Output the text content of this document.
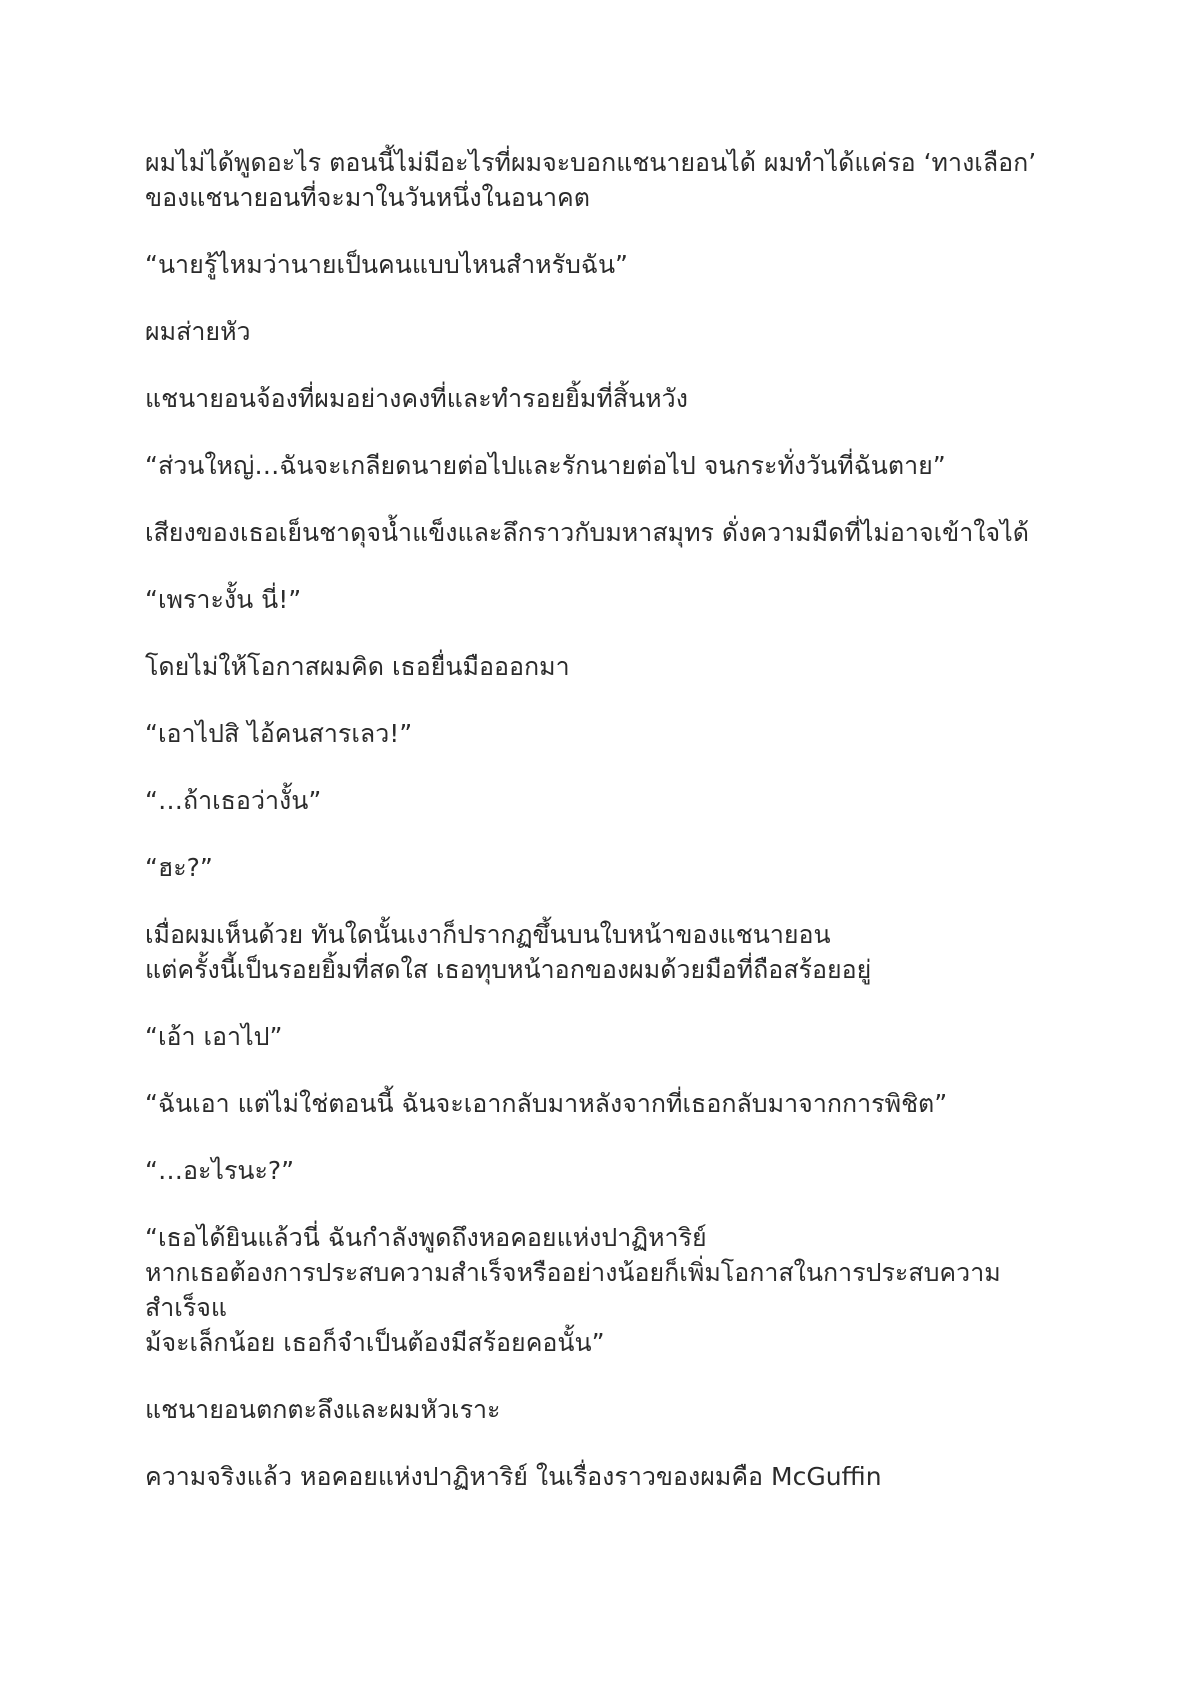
ผมไม่ได้พูดอะไร ตอนนี้ไม่มีอะไรที่ผมจะบอกแชนายอนได้ ผมทำได้แค่รอ ‘ทางเลือก’
ของแชนายอนที่จะมาในวันหนึ่งในอนาคต

“นายรู้ไหมว่านายเป็นคนแบบไหนสำหรับฉัน”

ผมส่ายหัว

แชนายอนจ้องที่ผมอย่างคงที่และทำรอยยิ้มที่สิ้นหวัง

“ส่วนใหญ่…ฉันจะเกลียดนายต่อไปและรักนายต่อไป จนกระทั่งวันที่ฉันตาย”

เสียงของเธอเย็นชาดุจน้ำแข็งและลึกราวกับมหาสมุทร ดั่งความมืดที่ไม่อาจเข้าใจได้

“เพราะงั้น นี่!”

โดยไม่ให้โอกาสผมคิด เธอยื่นมือออกมา

“เอาไปสิ ไอ้คนสารเลว!”

“…ถ้าเธอว่างั้น”

“ฮะ?”

เมื่อผมเห็นด้วย ทันใดนั้นเงาก็ปรากฏขึ้นบนใบหน้าของแชนายอน
แต่ครั้งนี้เป็นรอยยิ้มที่สดใส เธอทุบหน้าอกของผมด้วยมือที่ถือสร้อยอยู่

“เอ้า เอาไป”

“ฉันเอา แต่ไม่ใช่ตอนนี้ ฉันจะเอากลับมาหลังจากที่เธอกลับมาจากการพิชิต”

“…อะไรนะ?”

“เธอได้ยินแล้วนี่ ฉันกำลังพูดถึงหอคอยแห่งปาฏิหาริย์
หากเธอต้องการประสบความสำเร็จหรืออย่างน้อยก็เพิ่มโอกาสในการประสบความสำเร็จแ
ม้จะเล็กน้อย เธอก็จำเป็นต้องมีสร้อยคอนั้น”

แชนายอนตกตะลึงและผมหัวเราะ

ความจริงแล้ว หอคอยแห่งปาฏิหาริย์ ในเรื่องราวของผมคือ McGuffin
